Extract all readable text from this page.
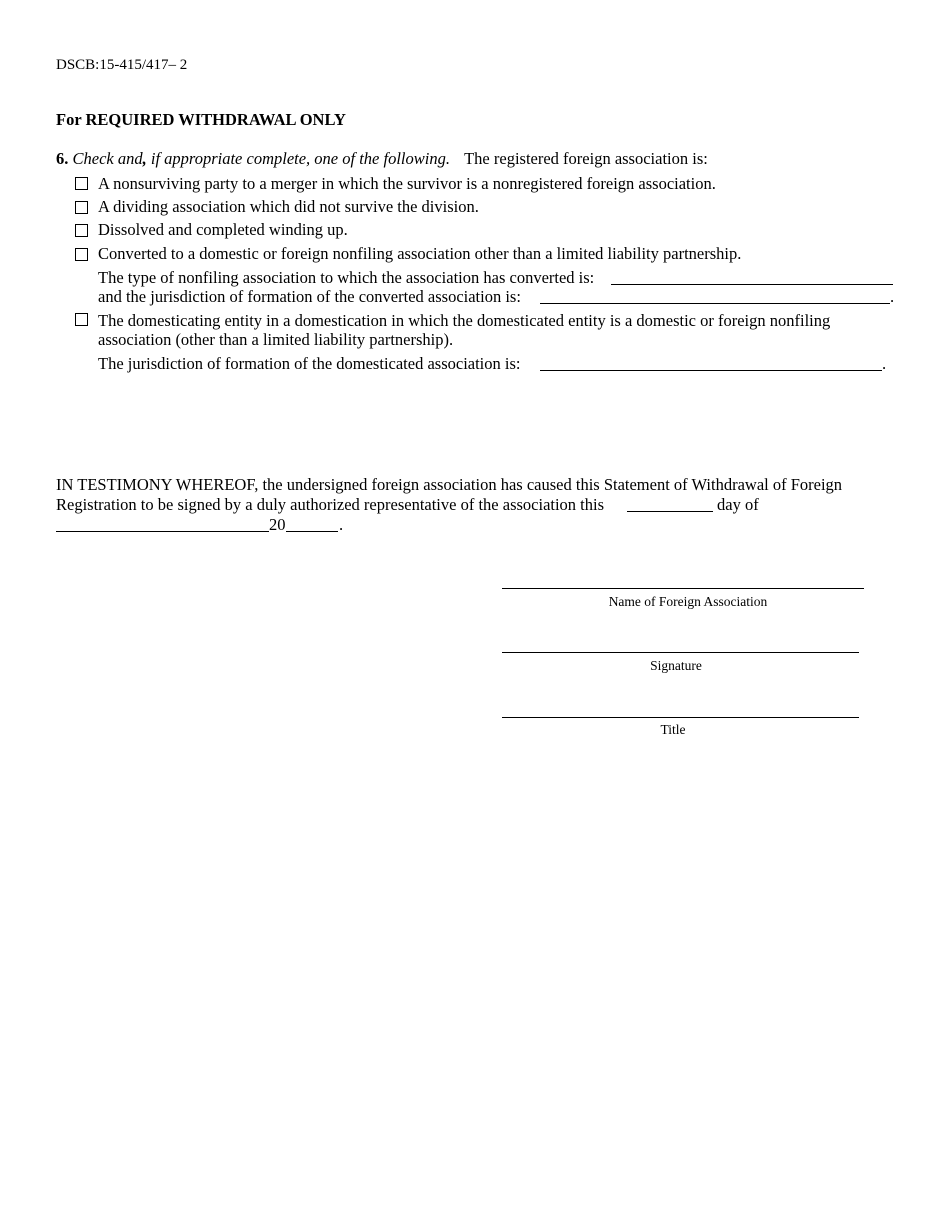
DSCB:15-415/417– 2
For REQUIRED WITHDRAWAL ONLY
6. Check and, if appropriate complete, one of the following. The registered foreign association is:
A nonsurviving party to a merger in which the survivor is a nonregistered foreign association.
A dividing association which did not survive the division.
Dissolved and completed winding up.
Converted to a domestic or foreign nonfiling association other than a limited liability partnership.
The type of nonfiling association to which the association has converted is:
and the jurisdiction of formation of the converted association is:	.
The domesticating entity in a domestication in which the domesticated entity is a domestic or foreign nonfiling
association (other than a limited liability partnership).
The jurisdiction of formation of the domesticated association is:	.
IN TESTIMONY WHEREOF, the undersigned foreign association has caused this Statement of Withdrawal of Foreign
Registration to be signed by a duly authorized representative of the association this	day of
20	.
Name of Foreign Association
Signature
Title
